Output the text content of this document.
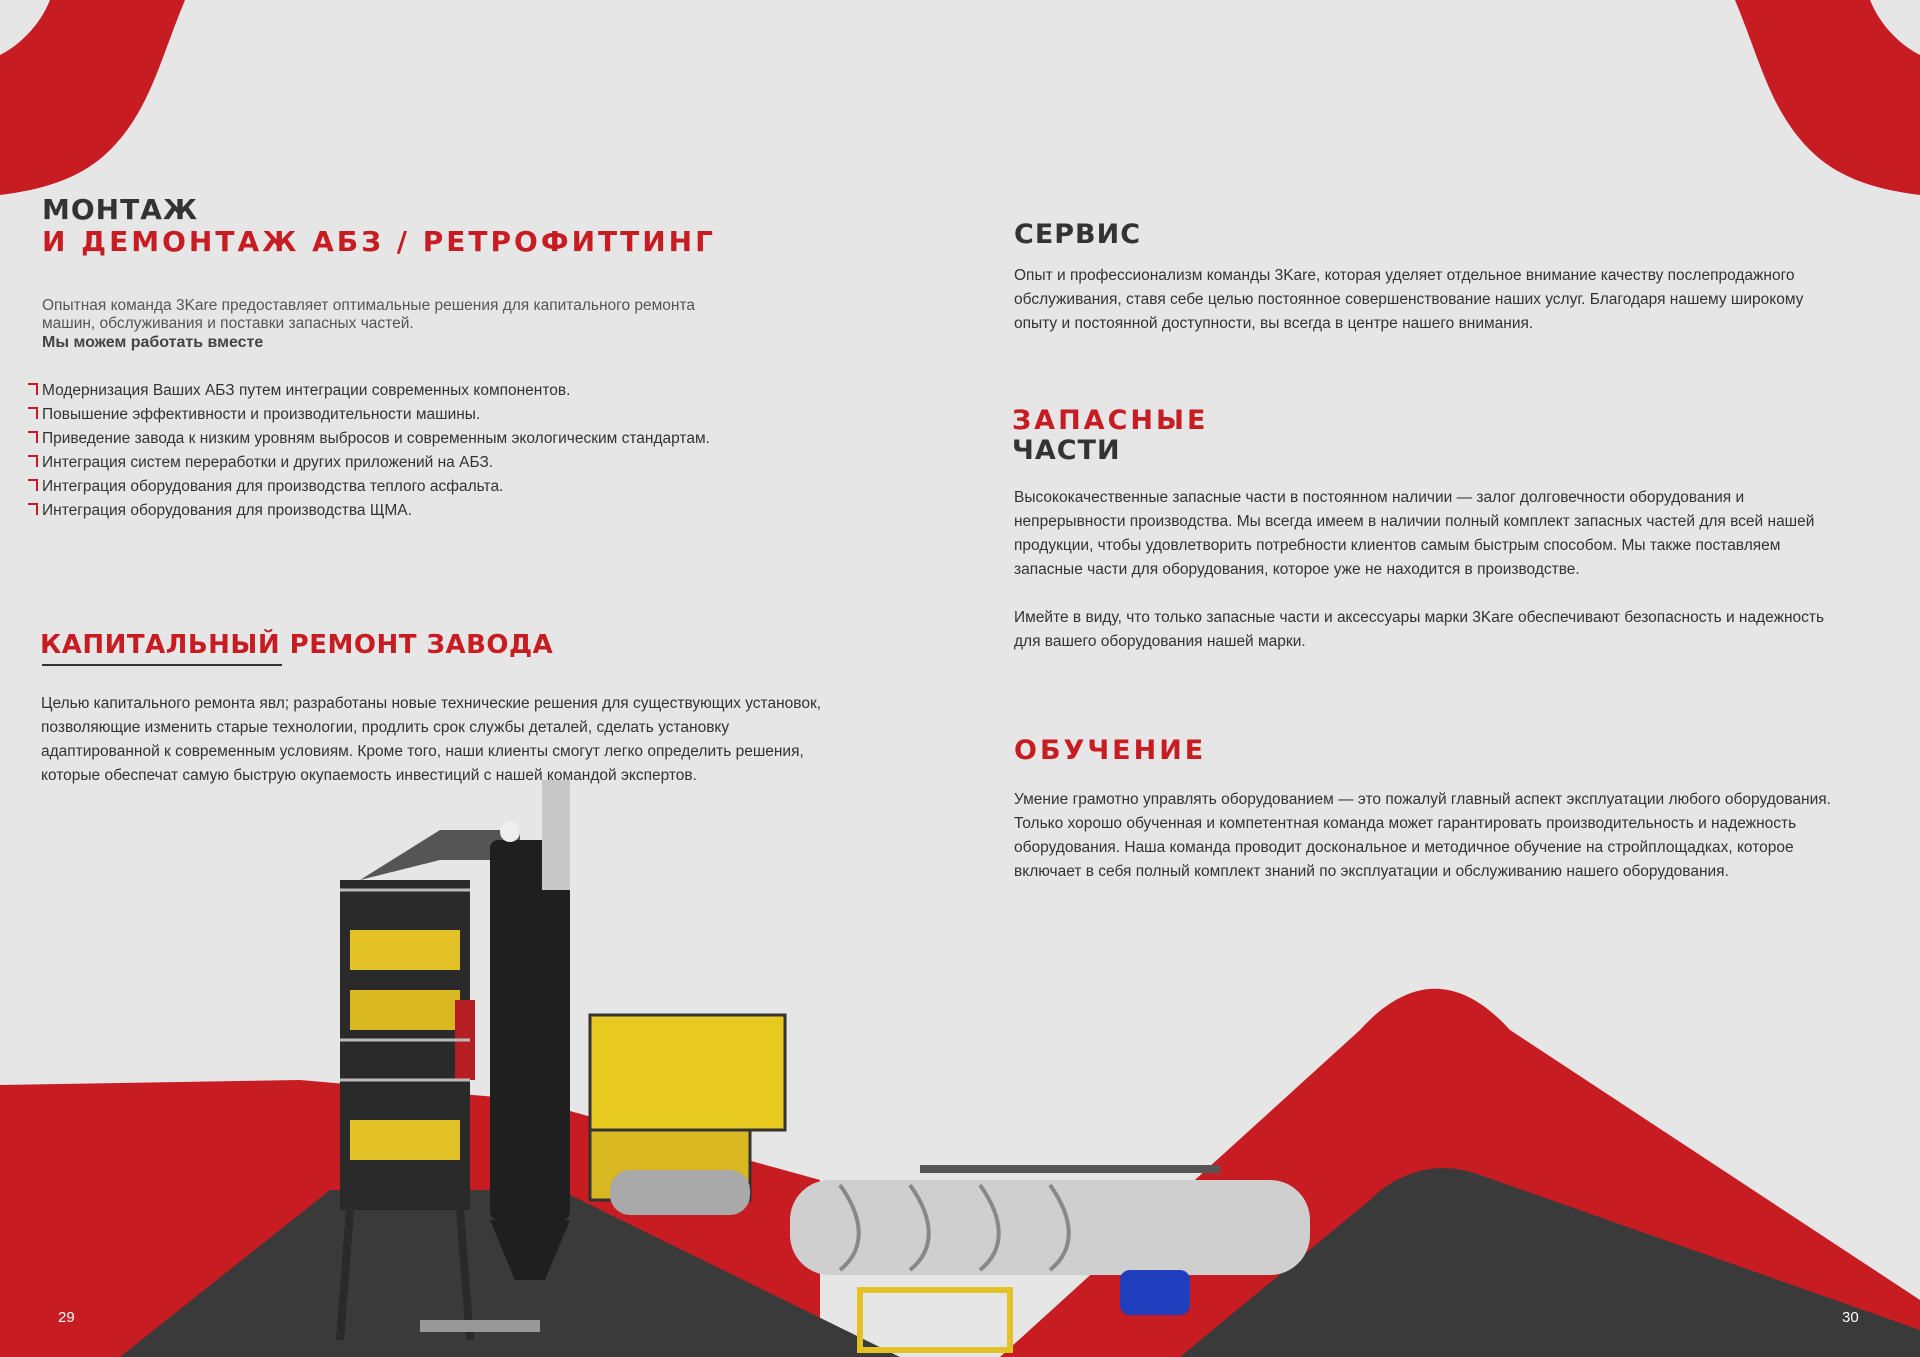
МОНТАЖ
И ДЕМОНТАЖ АБЗ / РЕТРОФИТТИНГ

Опытная команда 3Kare предоставляет оптимальные решения для капитального ремонта машин, обслуживания и поставки запасных частей.

Мы можем работать вместе
Модернизация Ваших АБЗ путем интеграции современных компонентов.
Повышение эффективности и производительности машины.
Приведение завода к низким уровням выбросов и современным экологическим стандартам.
Интеграция систем переработки и других приложений на АБЗ.
Интеграция оборудования для производства теплого асфальта.
Интеграция оборудования для производства ЩМА.
КАПИТАЛЬНЫЙ РЕМОНТ ЗАВОДА

Целью капитального ремонта явл; разработаны новые технические решения для существующих установок, позволяющие изменить старые технологии, продлить срок службы деталей, сделать установку адаптированной к современным условиям. Кроме того, наши клиенты смогут легко определить решения, которые обеспечат самую быструю окупаемость инвестиций с нашей командой экспертов.

29
СЕРВИС

Опыт и профессионализм команды 3Kare, которая уделяет отдельное внимание качеству послепродажного обслуживания, ставя себе целью постоянное совершенствование наших услуг. Благодаря нашему широкому опыту и постоянной доступности, вы всегда в центре нашего внимания.

ЗАПАСНЫЕ
ЧАСТИ

Высококачественные запасные части в постоянном наличии — залог долговечности оборудования и непрерывности производства. Мы всегда имеем в наличии полный комплект запасных частей для всей нашей продукции, чтобы удовлетворить потребности клиентов самым быстрым способом. Мы также поставляем запасные части для оборудования, которое уже не находится в производстве.

Имейте в виду, что только запасные части и аксессуары марки 3Kare обеспечивают безопасность и надежность для вашего оборудования нашей марки.

ОБУЧЕНИЕ

Умение грамотно управлять оборудованием — это пожалуй главный аспект эксплуатации любого оборудования. Только хорошо обученная и компетентная команда может гарантировать производительность и надежность оборудования. Наша команда проводит доскональное и методичное обучение на стройплощадках, которое включает в себя полный комплект знаний по эксплуатации и обслуживанию нашего оборудования.

30
